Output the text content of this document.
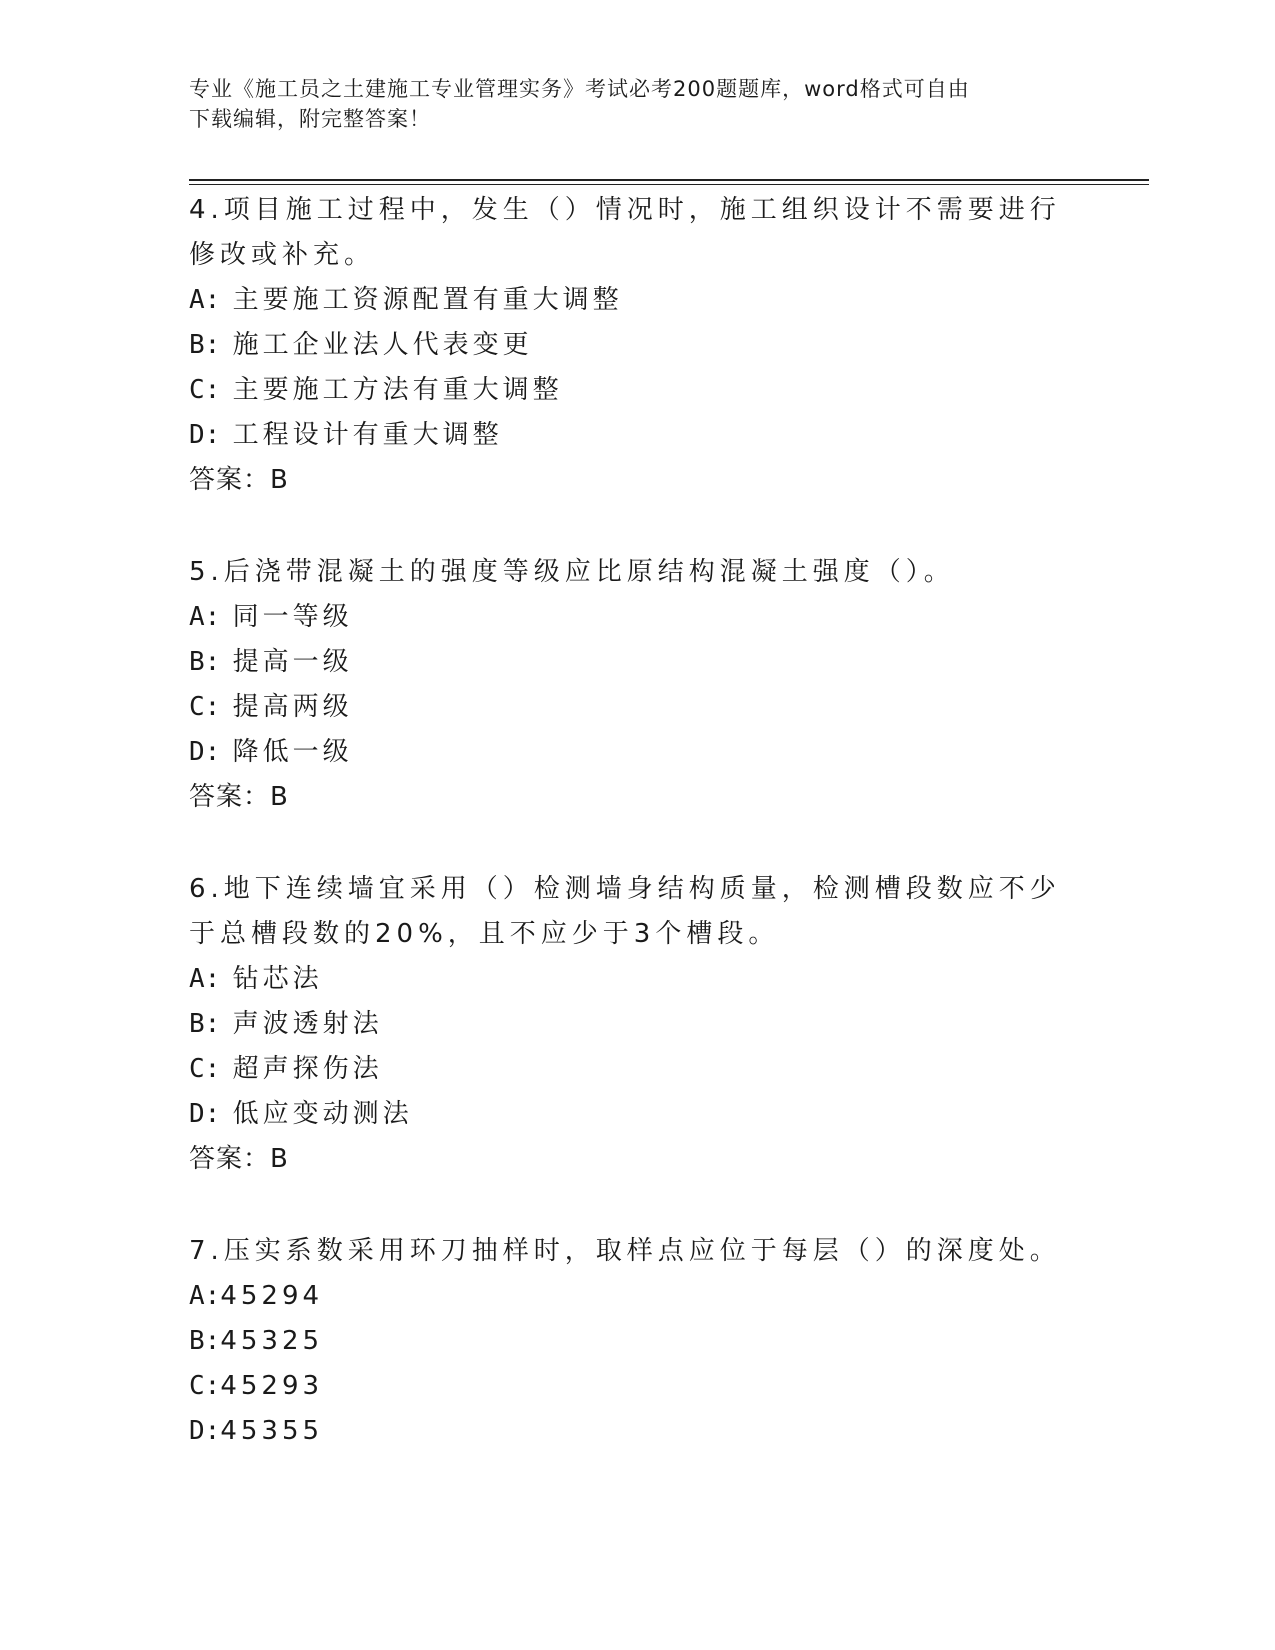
专业《施工员之土建施工专业管理实务》考试必考200题题库，word格式可自由
下载编辑，附完整答案！
4.项目施工过程中，发生（）情况时，施工组织设计不需要进行修改或补充。
A: 主要施工资源配置有重大调整
B: 施工企业法人代表变更
C: 主要施工方法有重大调整
D: 工程设计有重大调整
答案：B
5.后浇带混凝土的强度等级应比原结构混凝土强度（）。
A: 同一等级
B: 提高一级
C: 提高两级
D: 降低一级
答案：B
6.地下连续墙宜采用（）检测墙身结构质量，检测槽段数应不少于总槽段数的20%，且不应少于3个槽段。
A: 钻芯法
B: 声波透射法
C: 超声探伤法
D: 低应变动测法
答案：B
7.压实系数采用环刀抽样时，取样点应位于每层（）的深度处。
A:45294
B:45325
C:45293
D:45355
